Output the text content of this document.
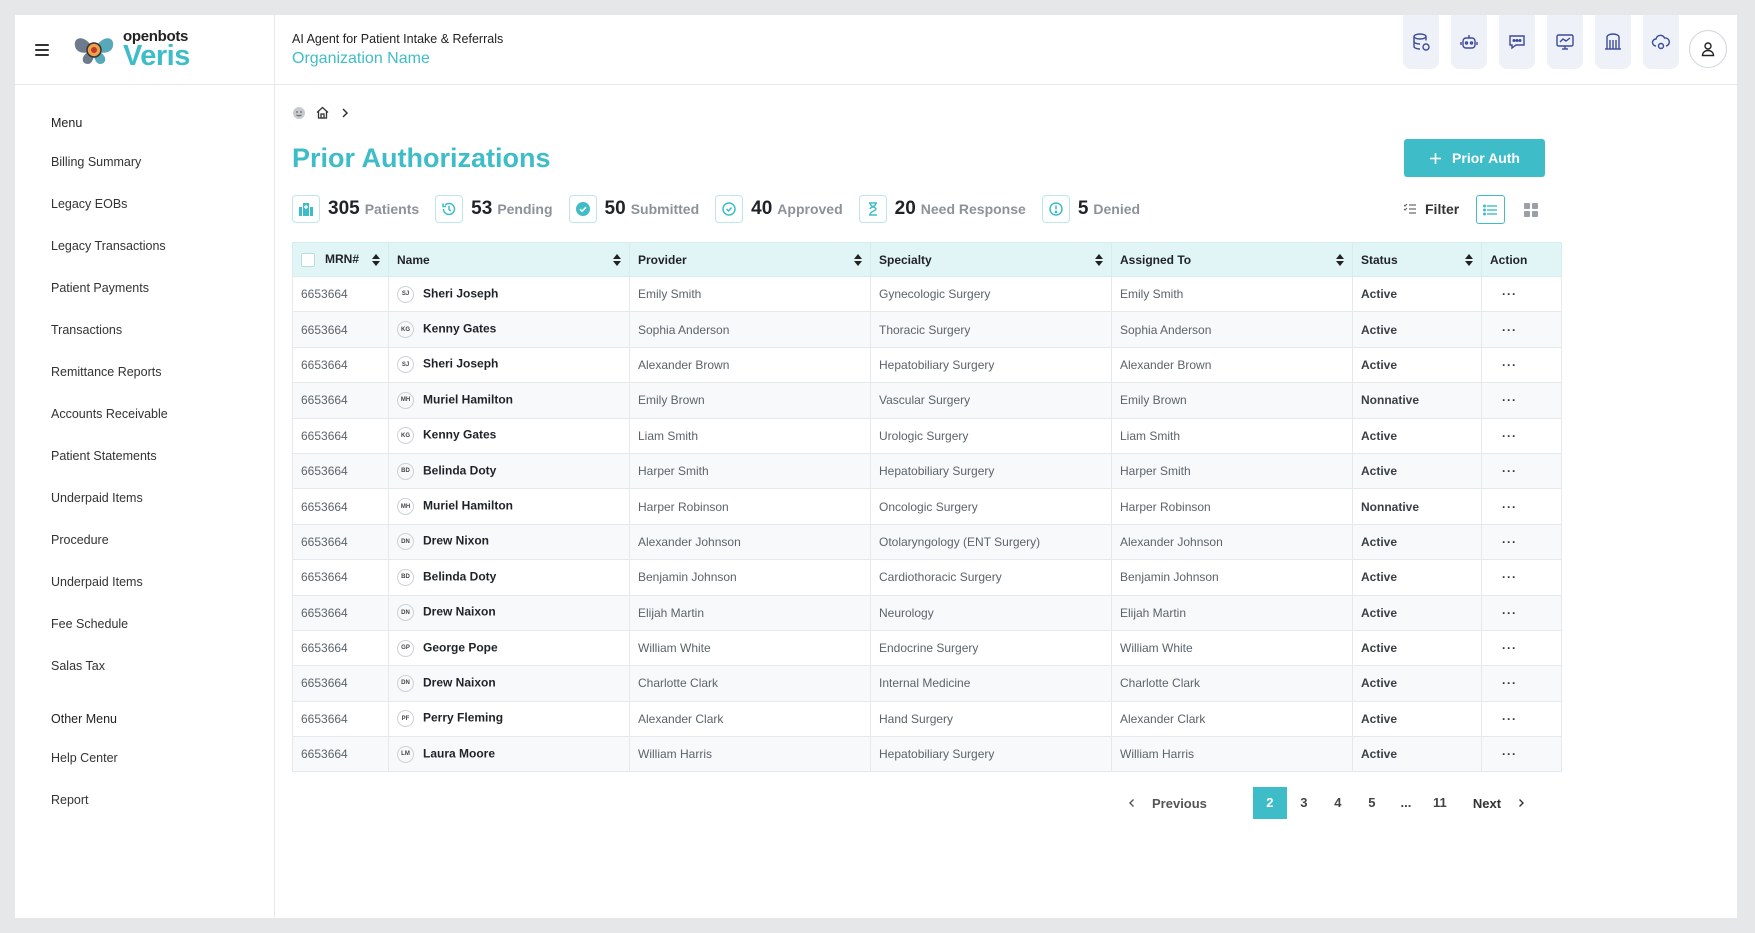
openbots
Veris
Menu
Billing Summary
Legacy EOBs
Legacy Transactions
Patient Payments
Transactions
Remittance Reports
Accounts Receivable
Patient Statements
Underpaid Items
Procedure
Underpaid Items
Fee Schedule
Salas Tax
Other Menu
Help Center
Report
AI Agent for Patient Intake & Referrals
Organization Name
Prior Authorizations	Prior Auth
305 Patients	53 Pending	50 Submitted	40 Approved	20 Need Response	5 Denied	Filter
MRN#	Name	Provider	Specialty	Assigned To	Status	Action
6653664	SJ Sheri Joseph	Emily Smith	Gynecologic Surgery	Emily Smith	Active	···
6653664	KG Kenny Gates	Sophia Anderson	Thoracic Surgery	Sophia Anderson	Active	···
6653664	SJ Sheri Joseph	Alexander Brown	Hepatobiliary Surgery	Alexander Brown	Active	···
6653664	MH Muriel Hamilton	Emily Brown	Vascular Surgery	Emily Brown	Nonnative	···
6653664	KG Kenny Gates	Liam Smith	Urologic Surgery	Liam Smith	Active	···
6653664	BD Belinda Doty	Harper Smith	Hepatobiliary Surgery	Harper Smith	Active	···
6653664	MH Muriel Hamilton	Harper Robinson	Oncologic Surgery	Harper Robinson	Nonnative	···
6653664	DN Drew Nixon	Alexander Johnson	Otolaryngology (ENT Surgery)	Alexander Johnson	Active	···
6653664	BD Belinda Doty	Benjamin Johnson	Cardiothoracic Surgery	Benjamin Johnson	Active	···
6653664	DN Drew Naixon	Elijah Martin	Neurology	Elijah Martin	Active	···
6653664	GP George Pope	William White	Endocrine Surgery	William White	Active	···
6653664	DN Drew Naixon	Charlotte Clark	Internal Medicine	Charlotte Clark	Active	···
6653664	PF Perry Fleming	Alexander Clark	Hand Surgery	Alexander Clark	Active	···
6653664	LM Laura Moore	William Harris	Hepatobiliary Surgery	William Harris	Active	···
Previous	2	3	4	5	...	11	Next
